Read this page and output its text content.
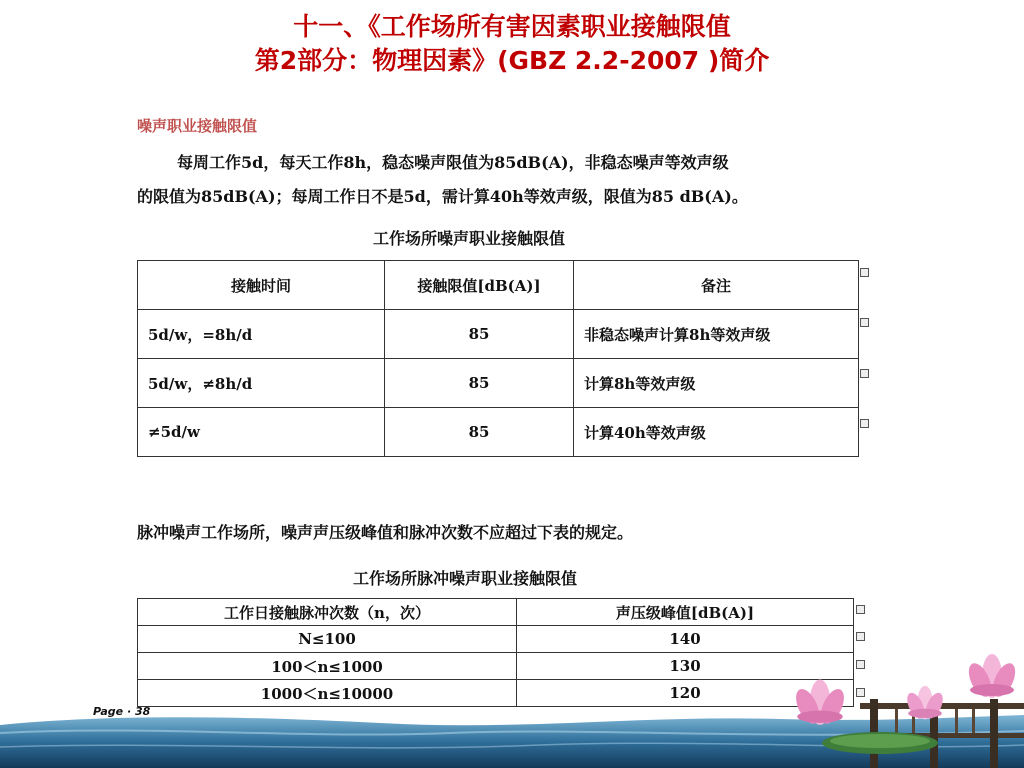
十一、《工作场所有害因素职业接触限值
第2部分：物理因素》(GBZ 2.2-2007 )简介
噪声职业接触限值
每周工作5d，每天工作8h，稳态噪声限值为85dB(A)，非稳态噪声等效声级
的限值为85dB(A)；每周工作日不是5d，需计算40h等效声级，限值为85 dB(A)。
工作场所噪声职业接触限值
接触时间	接触限值[dB(A)]	备注
5d/w，=8h/d	85	非稳态噪声计算8h等效声级
5d/w，≠8h/d	85	计算8h等效声级
≠5d/w	85	计算40h等效声级
脉冲噪声工作场所，噪声声压级峰值和脉冲次数不应超过下表的规定。
工作场所脉冲噪声职业接触限值
工作日接触脉冲次数（n，次）	声压级峰值[dB(A)]
N≤100	140
100＜n≤1000	130
1000＜n≤10000	120
Page · 38
